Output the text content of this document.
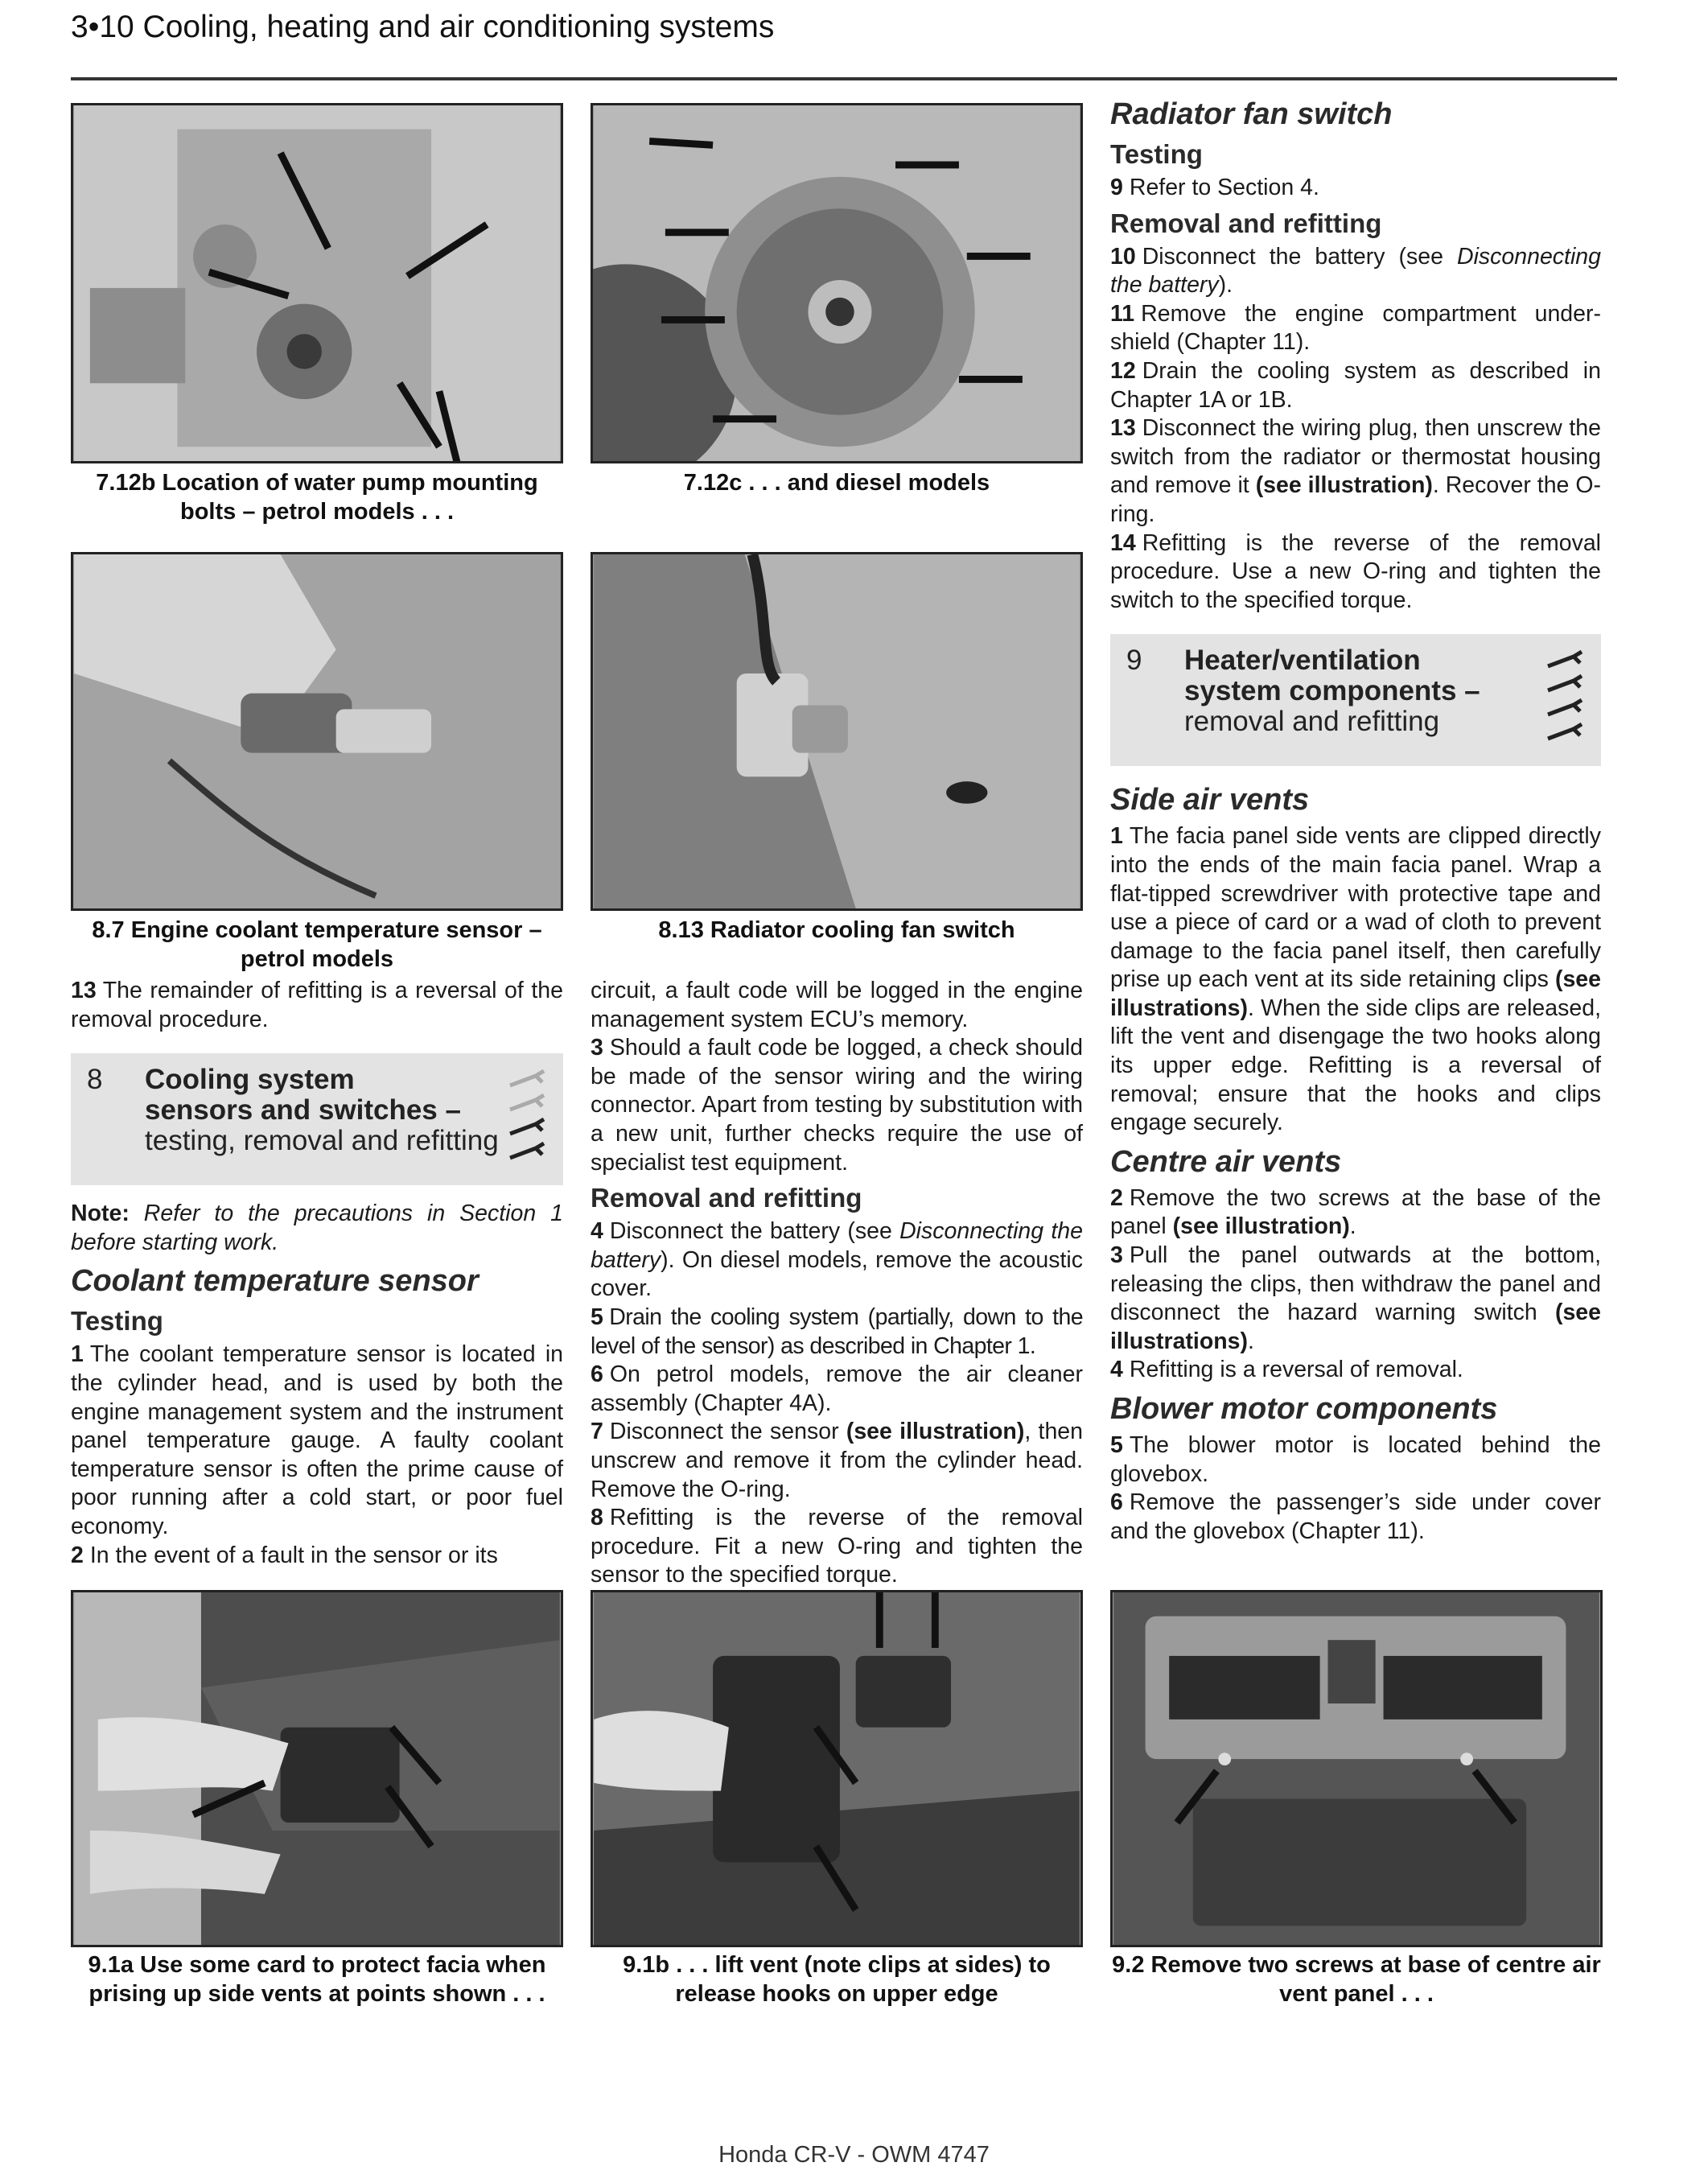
3•10 Cooling, heating and air conditioning systems
7.12b Location of water pump mounting bolts – petrol models . . .
7.12c . . . and diesel models
8.7 Engine coolant temperature sensor – petrol models
8.13 Radiator cooling fan switch

13 The remainder of refitting is a reversal of the removal procedure.

8 Cooling system
sensors and switches –
testing, removal and refitting

Note: Refer to the precautions in Section 1 before starting work.

Coolant temperature sensor
Testing

1 The coolant temperature sensor is located in the cylinder head, and is used by both the engine management system and the instrument panel temperature gauge. A faulty coolant temperature sensor is often the prime cause of poor running after a cold start, or poor fuel economy.

2 In the event of a fault in the sensor or its

circuit, a fault code will be logged in the engine management system ECU’s memory.

3 Should a fault code be logged, a check should be made of the sensor wiring and the wiring connector. Apart from testing by substitution with a new unit, further checks require the use of specialist test equipment.

Removal and refitting

4 Disconnect the battery (see Disconnecting the battery). On diesel models, remove the acoustic cover.

5 Drain the cooling system (partially, down to the level of the sensor) as described in Chapter 1.

6 On petrol models, remove the air cleaner assembly (Chapter 4A).

7 Disconnect the sensor (see illustration), then unscrew and remove it from the cylinder head. Remove the O-ring.

8 Refitting is the reverse of the removal procedure. Fit a new O-ring and tighten the sensor to the specified torque.

Radiator fan switch
Testing

9 Refer to Section 4.

Removal and refitting

10 Disconnect the battery (see Disconnecting the battery).

11 Remove the engine compartment under-shield (Chapter 11).

12 Drain the cooling system as described in Chapter 1A or 1B.

13 Disconnect the wiring plug, then unscrew the switch from the radiator or thermostat housing and remove it (see illustration). Recover the O-ring.

14 Refitting is the reverse of the removal procedure. Use a new O-ring and tighten the switch to the specified torque.

9 Heater/ventilation
system components –
removal and refitting
Side air vents

1 The facia panel side vents are clipped directly into the ends of the main facia panel. Wrap a flat-tipped screwdriver with protective tape and use a piece of card or a wad of cloth to prevent damage to the facia panel itself, then carefully prise up each vent at its side retaining clips (see illustrations). When the side clips are released, lift the vent and disengage the two hooks along its upper edge. Refitting is a reversal of removal; ensure that the hooks and clips engage securely.

Centre air vents

2 Remove the two screws at the base of the panel (see illustration).

3 Pull the panel outwards at the bottom, releasing the clips, then withdraw the panel and disconnect the hazard warning switch (see illustrations).

4 Refitting is a reversal of removal.

Blower motor components

5 The blower motor is located behind the glovebox.

6 Remove the passenger’s side under cover and the glovebox (Chapter 11).

9.1a Use some card to protect facia when prising up side vents at points shown . . .
9.1b . . . lift vent (note clips at sides) to release hooks on upper edge
9.2 Remove two screws at base of centre air vent panel . . .
Honda CR-V - OWM 4747
